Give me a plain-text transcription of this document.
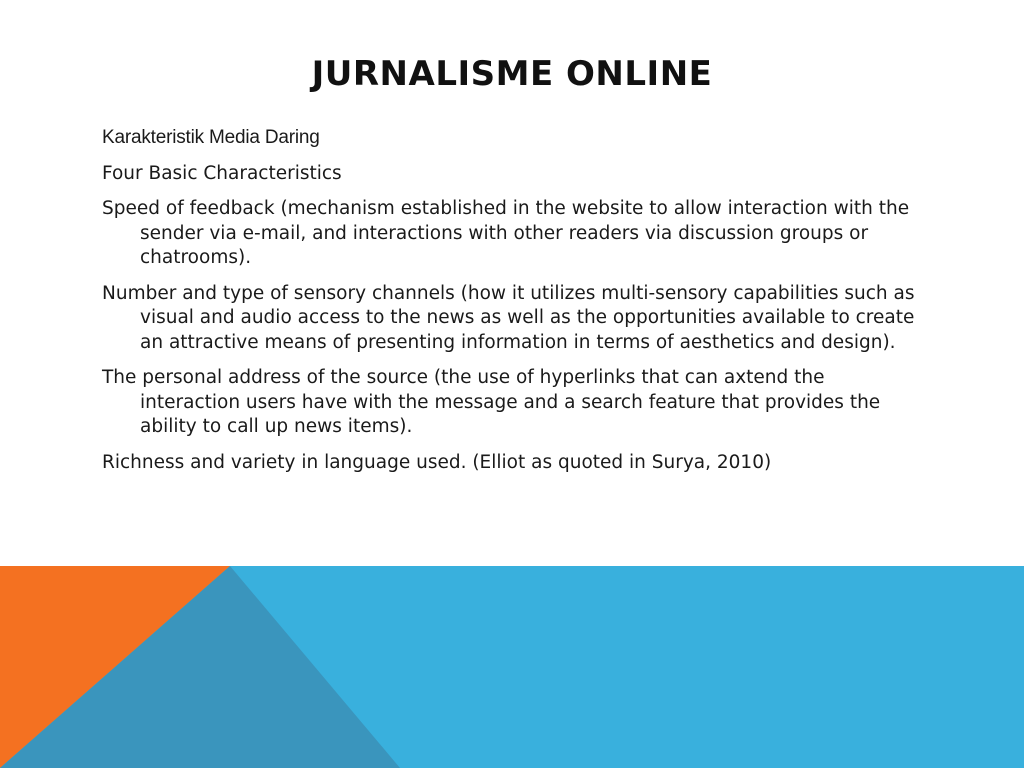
JURNALISME ONLINE

Karakteristik Media Daring

Four Basic Characteristics

Speed of feedback (mechanism established in the website to allow interaction with the sender via e-mail, and interactions with other readers via discussion groups or chatrooms).

Number and type of sensory channels (how it utilizes multi-sensory capabilities such as visual and audio access to the news as well as the opportunities available to create an attractive means of presenting information in terms of aesthetics and design).

The personal address of the source (the use of hyperlinks that can axtend the interaction users have with the message and a search feature that provides the ability to call up news items).

Richness and variety in language used. (Elliot as quoted in Surya, 2010)
